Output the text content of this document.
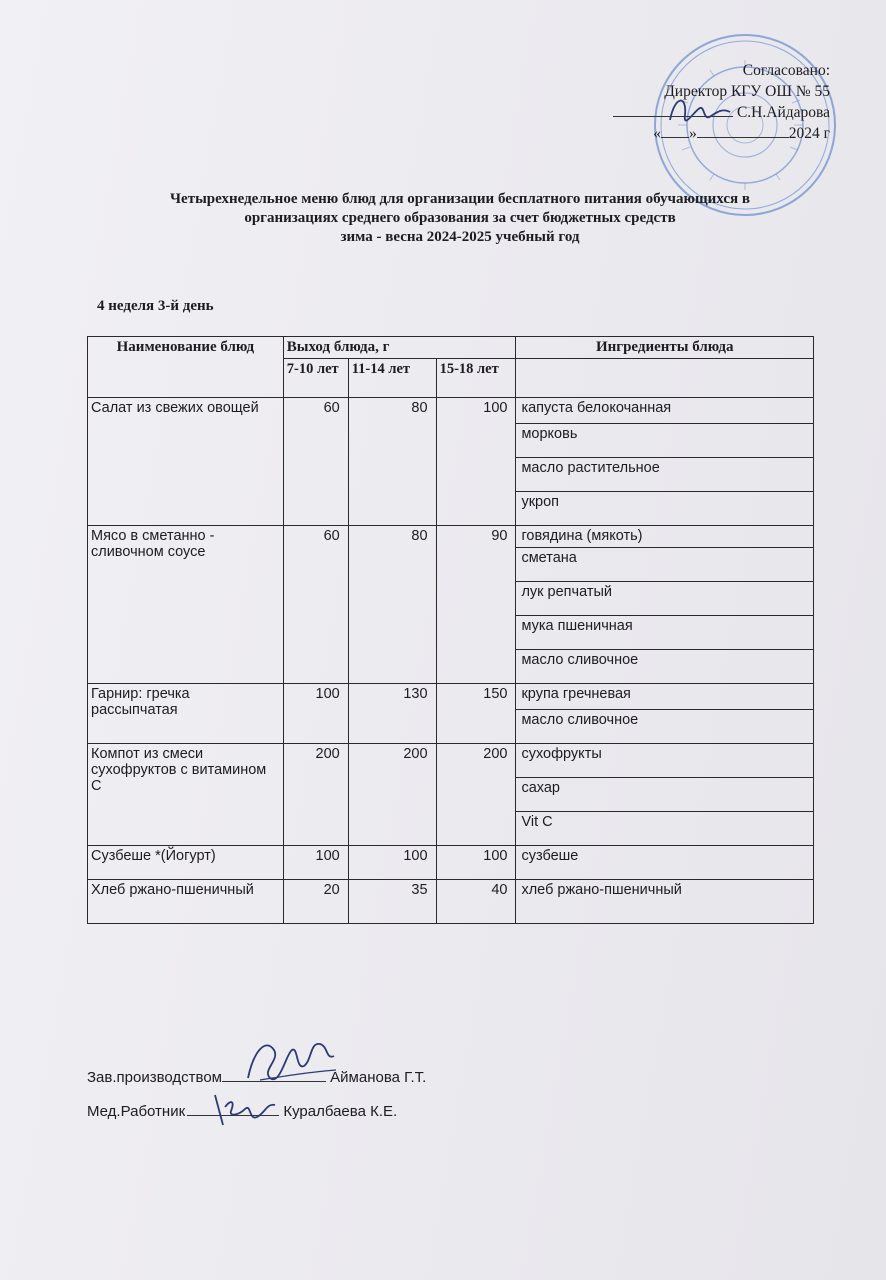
Согласовано:
Директор КГУ ОШ № 55
С.Н.Айдарова
« »	2024 г
Четырехнедельное меню блюд для организации бесплатного питания обучающихся в
организациях среднего образования за счет бюджетных средств
зима - весна 2024-2025 учебный год
4 неделя 3-й день
Наименование блюд	Выход блюда, г			Ингредиенты блюда
	7-10 лет	11-14 лет	15-18 лет	
Салат из свежих овощей	60	80	100	капуста белокочанная
				морковь
				масло растительное
				укроп
Мясо в сметанно - сливочном соусе	60	80	90	говядина (мякоть)
				сметана
				лук репчатый
				мука пшеничная
				масло сливочное
Гарнир: гречка рассыпчатая	100	130	150	крупа гречневая
				масло сливочное
Компот из смеси сухофруктов с витамином С	200	200	200	сухофрукты
				сахар
				Vit C
Сузбеше *(Йогурт)	100	100	100	сузбеше
Хлеб ржано-пшеничный	20	35	40	хлеб ржано-пшеничный
Зав.производством	Айманова Г.Т.
Мед.Работник	Куралбаева К.Е.
